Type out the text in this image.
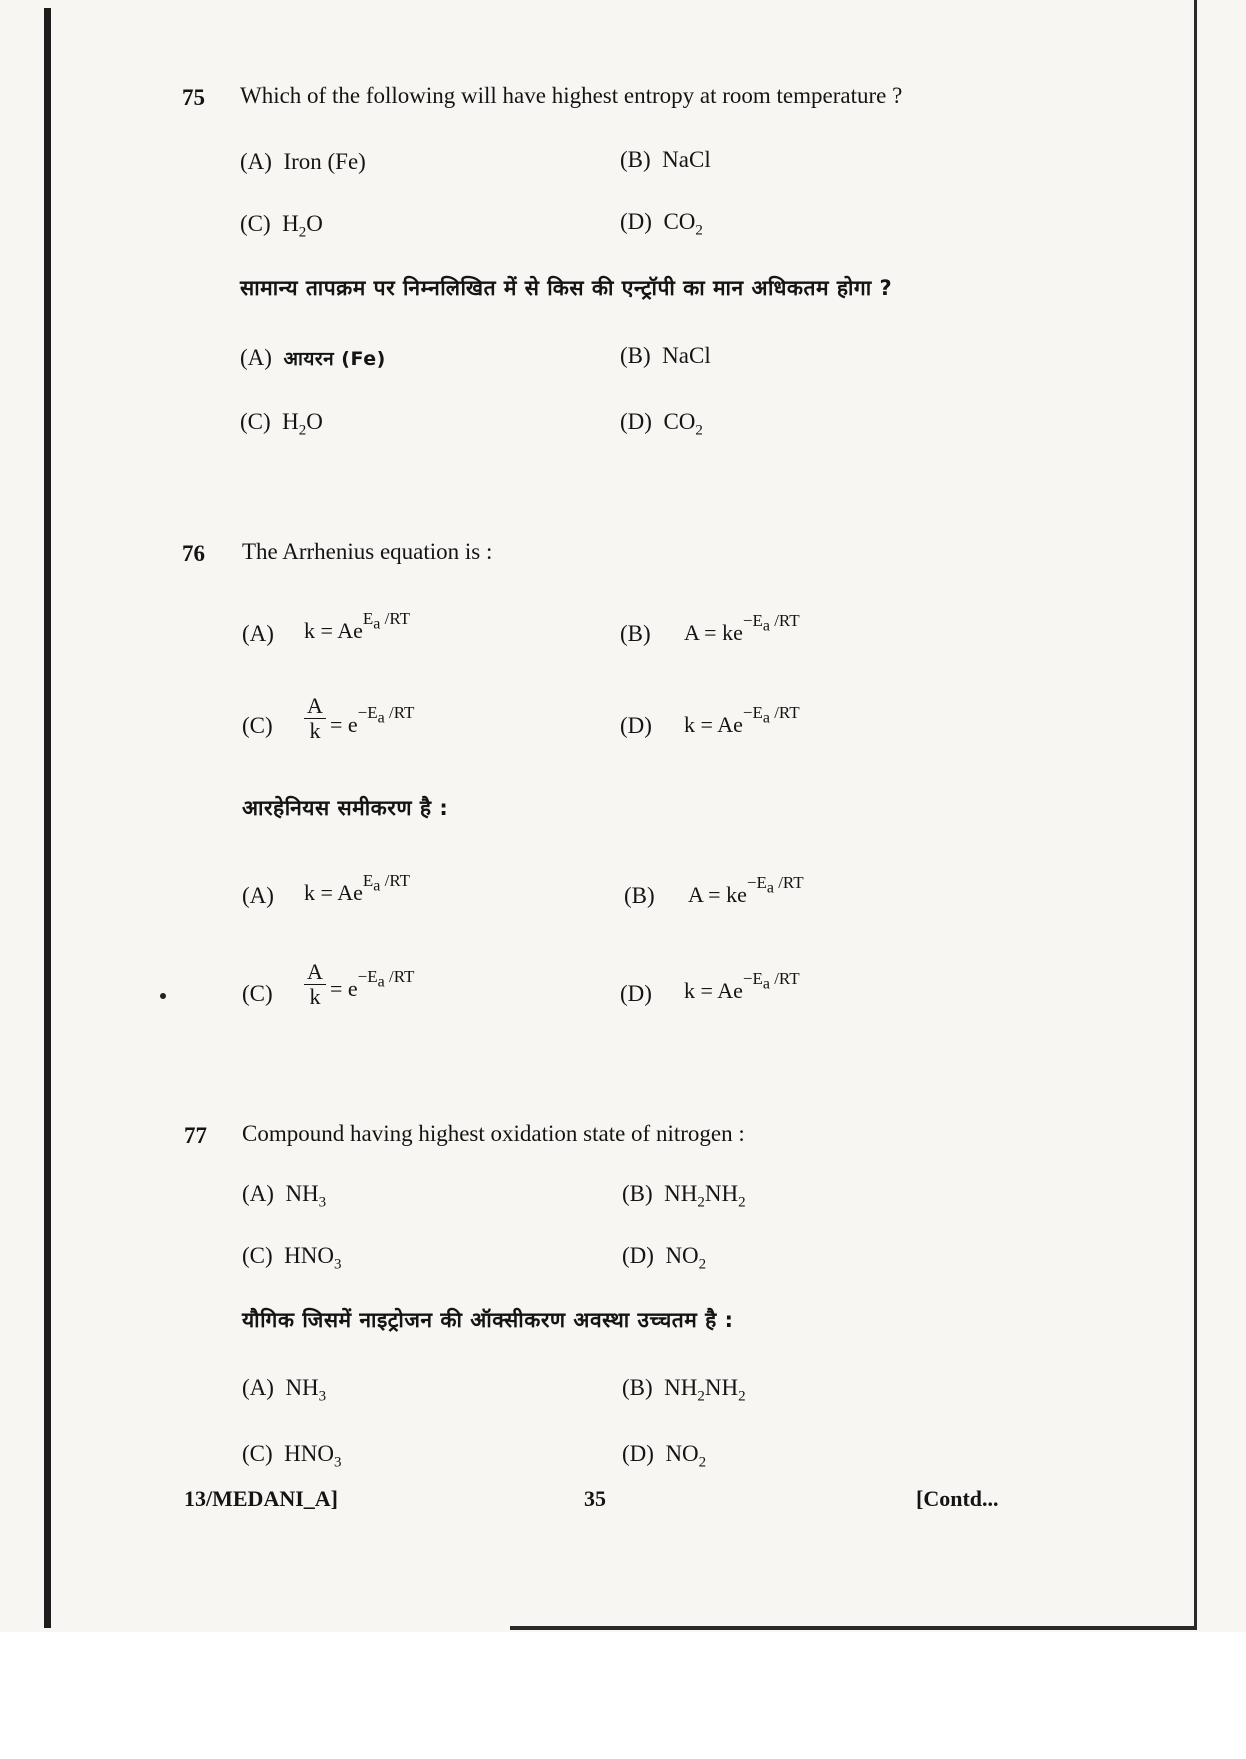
75 Which of the following will have highest entropy at room temperature ?
(A) Iron (Fe)	(B) NaCl
(C)  $H_2O$	(D)  $CO_2$
सामान्य तापक्रम पर निम्नलिखित में से किस की एन्ट्रॉपी का मान अधिकतम होगा ?
(A) आयरन (Fe)	(B) NaCl
(C)  $H_2O$	(D)  $CO_2$
76 The Arrhenius equation is :
(A) $k = Ae^{E_a /RT}$
(B) $A = ke^{-E_a /RT}$
$(C) \frac{A}{k} = e^{-E_a /RT}$
(D) $k = Ae^{-E_a /RT}$
आरहेनियस समीकरण है :
(A) $k = Ae^{E_a /RT}$
(B) $A = ke^{-E_a /RT}$
$(C) \frac{A}{k} = e^{-E_a /RT}$
(D) $k = Ae^{-E_a /RT}$
77 Compound having highest oxidation state of nitrogen :
(A)  $NH_3$	(B)  $NH_2NH_2$
(C)  $HNO_3$	(D)  $NO_2$
यौगिक जिसमें नाइट्रोजन की ऑक्सीकरण अवस्था उच्चतम है :
(A)  $NH_3$	(B)  $NH_2NH_2$
(C)  $HNO_3$	(D)  $NO_2$
13/MEDANI_A]	35	[Contd...
